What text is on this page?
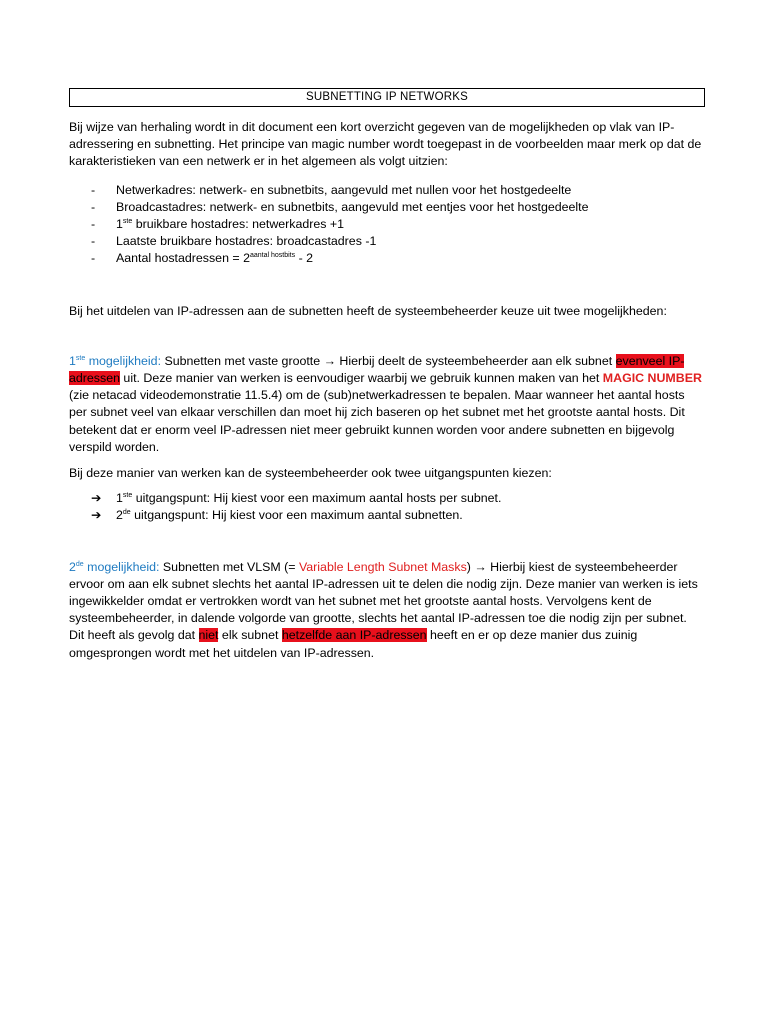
SUBNETTING IP NETWORKS

Bij wijze van herhaling wordt in dit document een kort overzicht gegeven van de mogelijkheden op vlak van IP-adressering en subnetting. Het principe van magic number wordt toegepast in de voorbeelden maar merk op dat de karakteristieken van een netwerk er in het algemeen als volgt uitzien:

- Netwerkadres: netwerk- en subnetbits, aangevuld met nullen voor het hostgedeelte
- Broadcastadres: netwerk- en subnetbits, aangevuld met eentjes voor het hostgedeelte
- 1ste bruikbare hostadres: netwerkadres +1
- Laatste bruikbare hostadres: broadcastadres -1
- Aantal hostadressen = $2^{aantal hostbits} - 2$

Bij het uitdelen van IP-adressen aan de subnetten heeft de systeembeheerder keuze uit twee mogelijkheden:

1ste mogelijkheid: Subnetten met vaste grootte → Hierbij deelt de systeembeheerder aan elk subnet evenveel IP-adressen uit. Deze manier van werken is eenvoudiger waarbij we gebruik kunnen maken van het MAGIC NUMBER (zie netacad videodemonstratie 11.5.4) om de (sub)netwerkadressen te bepalen. Maar wanneer het aantal hosts per subnet veel van elkaar verschillen dan moet hij zich baseren op het subnet met het grootste aantal hosts. Dit betekent dat er enorm veel IP-adressen niet meer gebruikt kunnen worden voor andere subnetten en bijgevolg verspild worden.

Bij deze manier van werken kan de systeembeheerder ook twee uitgangspunten kiezen:

➔ 1ste uitgangspunt: Hij kiest voor een maximum aantal hosts per subnet.
➔ 2de uitgangspunt: Hij kiest voor een maximum aantal subnetten.

2de mogelijkheid: Subnetten met VLSM (= Variable Length Subnet Masks) → Hierbij kiest de systeembeheerder ervoor om aan elk subnet slechts het aantal IP-adressen uit te delen die nodig zijn. Deze manier van werken is iets ingewikkelder omdat er vertrokken wordt van het subnet met het grootste aantal hosts. Vervolgens kent de systeembeheerder, in dalende volgorde van grootte, slechts het aantal IP-adressen toe die nodig zijn per subnet. Dit heeft als gevolg dat niet elk subnet hetzelfde aan IP-adressen heeft en er op deze manier dus zuinig omgesprongen wordt met het uitdelen van IP-adressen.
